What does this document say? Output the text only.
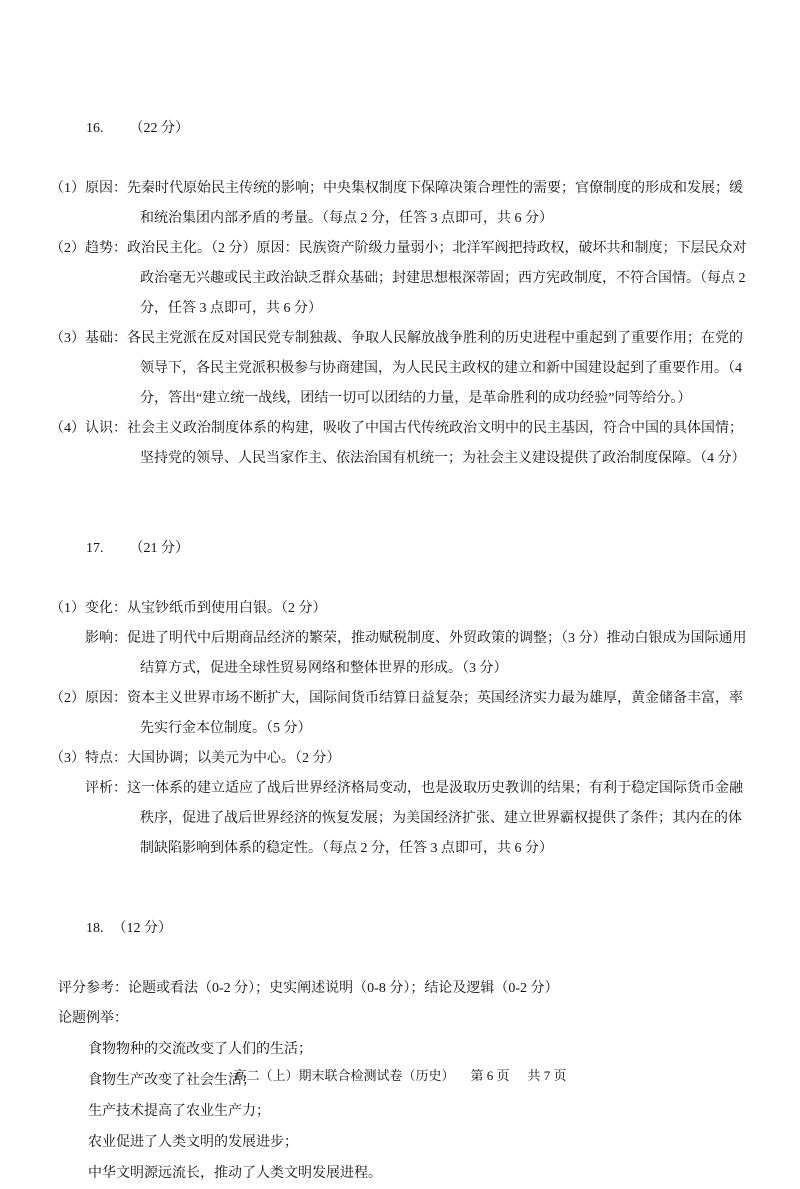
16. （22 分）

（1）原因： 先秦时代原始民主传统的影响；中央集权制度下保障决策合理性的需要；官僚制度的形成和发展；缓和统治集团内部矛盾的考量。（每点 2 分，任答 3 点即可，共 6 分）
（2）趋势： 政治民主化。（2 分）原因：民族资产阶级力量弱小；北洋军阀把持政权，破坏共和制度；下层民众对政治毫无兴趣或民主政治缺乏群众基础；封建思想根深蒂固；西方宪政制度，不符合国情。（每点 2 分，任答 3 点即可，共 6 分）
（3）基础： 各民主党派在反对国民党专制独裁、争取人民解放战争胜利的历史进程中重起到了重要作用；在党的领导下，各民主党派积极参与协商建国，为人民民主政权的建立和新中国建设起到了重要作用。（4 分，答出“建立统一战线，团结一切可以团结的力量，是革命胜利的成功经验”同等给分。）
（4）认识： 社会主义政治制度体系的构建，吸收了中国古代传统政治文明中的民主基因，符合中国的具体国情；坚持党的领导、人民当家作主、依法治国有机统一；为社会主义建设提供了政治制度保障。（4 分）

17. （21 分）

（1）变化： 从宝钞纸币到使用白银。（2 分）
影响： 促进了明代中后期商品经济的繁荣，推动赋税制度、外贸政策的调整；（3 分）推动白银成为国际通用结算方式，促进全球性贸易网络和整体世界的形成。（3 分）
（2）原因： 资本主义世界市场不断扩大，国际间货币结算日益复杂；英国经济实力最为雄厚，黄金储备丰富，率先实行金本位制度。（5 分）
（3）特点： 大国协调；以美元为中心。（2 分）
评析： 这一体系的建立适应了战后世界经济格局变动，也是汲取历史教训的结果；有利于稳定国际货币金融秩序，促进了战后世界经济的恢复发展；为美国经济扩张、建立世界霸权提供了条件；其内在的体制缺陷影响到体系的稳定性。（每点 2 分，任答 3 点即可，共 6 分）

18. （12 分）

评分参考： 论题或看法（0-2 分）；史实阐述说明（0-8 分）；结论及逻辑（0-2 分）
论题例举：
食物物种的交流改变了人们的生活；
食物生产改变了社会生活；
生产技术提高了农业生产力；
农业促进了人类文明的发展进步；
中华文明源远流长，推动了人类文明发展进程。
高二（上）期末联合检测试卷（历史） 第 6 页 共 7 页
